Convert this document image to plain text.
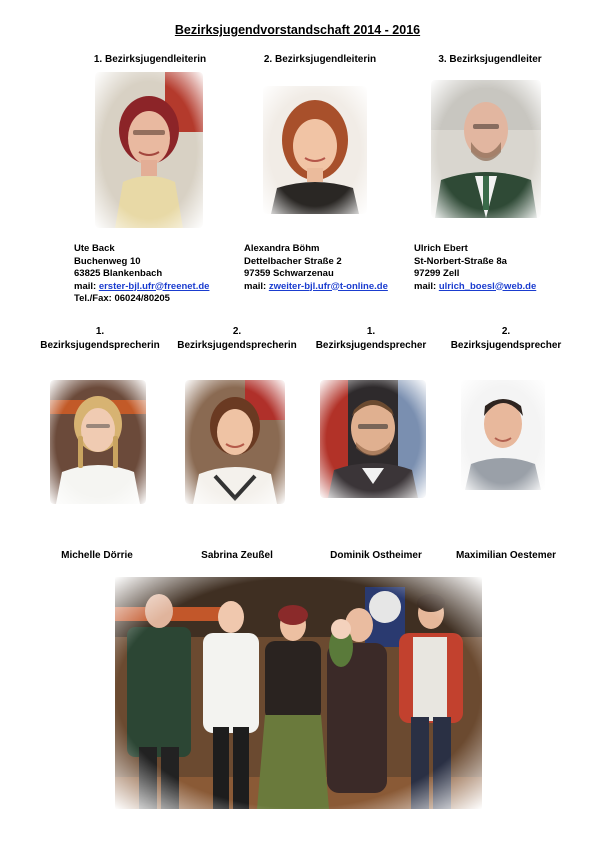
Bezirksjugendvorstandschaft 2014 - 2016
1. Bezirksjugendleiterin	2. Bezirksjugendleiterin	3. Bezirksjugendleiter
Ute Back
Buchenweg 10
63825 Blankenbach
mail: erster-bjl.ufr@freenet.de
Tel./Fax: 06024/80205
Alexandra Böhm
Dettelbacher Straße 2
97359 Schwarzenau
mail: zweiter-bjl.ufr@t-online.de
Ulrich Ebert
St-Norbert-Straße 8a
97299 Zell
mail: ulrich_boesl@web.de
1.
Bezirksjugendsprecherin
2.
Bezirksjugendsprecherin
1.
Bezirksjugendsprecher
2.
Bezirksjugendsprecher
Michelle Dörrie	Sabrina Zeußel	Dominik Ostheimer	Maximilian Oestemer
